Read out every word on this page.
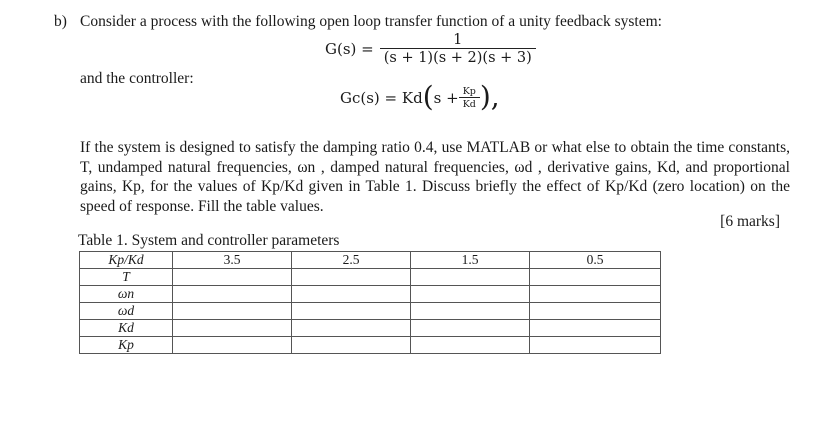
b) Consider a process with the following open loop transfer function of a unity feedback system:
$G(s) = \frac{1}{(s + 1)(s + 2)(s + 3)}$
and the controller:
Gc(s) = Kd ( $s + \frac{Kp}{Kd}$ ),
If the system is designed to satisfy the damping ratio 0.4, use MATLAB or what else to obtain the time constants, T, undamped natural frequencies, ωn , damped natural frequencies, ωd , derivative gains, Kd, and proportional gains, Kp, for the values of Kp/Kd given in Table 1. Discuss briefly the effect of Kp/Kd (zero location) on the speed of response. Fill the table values.
[6 marks]
Table 1. System and controller parameters
Kp/Kd	3.5	2.5	1.5	0.5
T				
ωn				
ωd				
Kd				
Kp				
